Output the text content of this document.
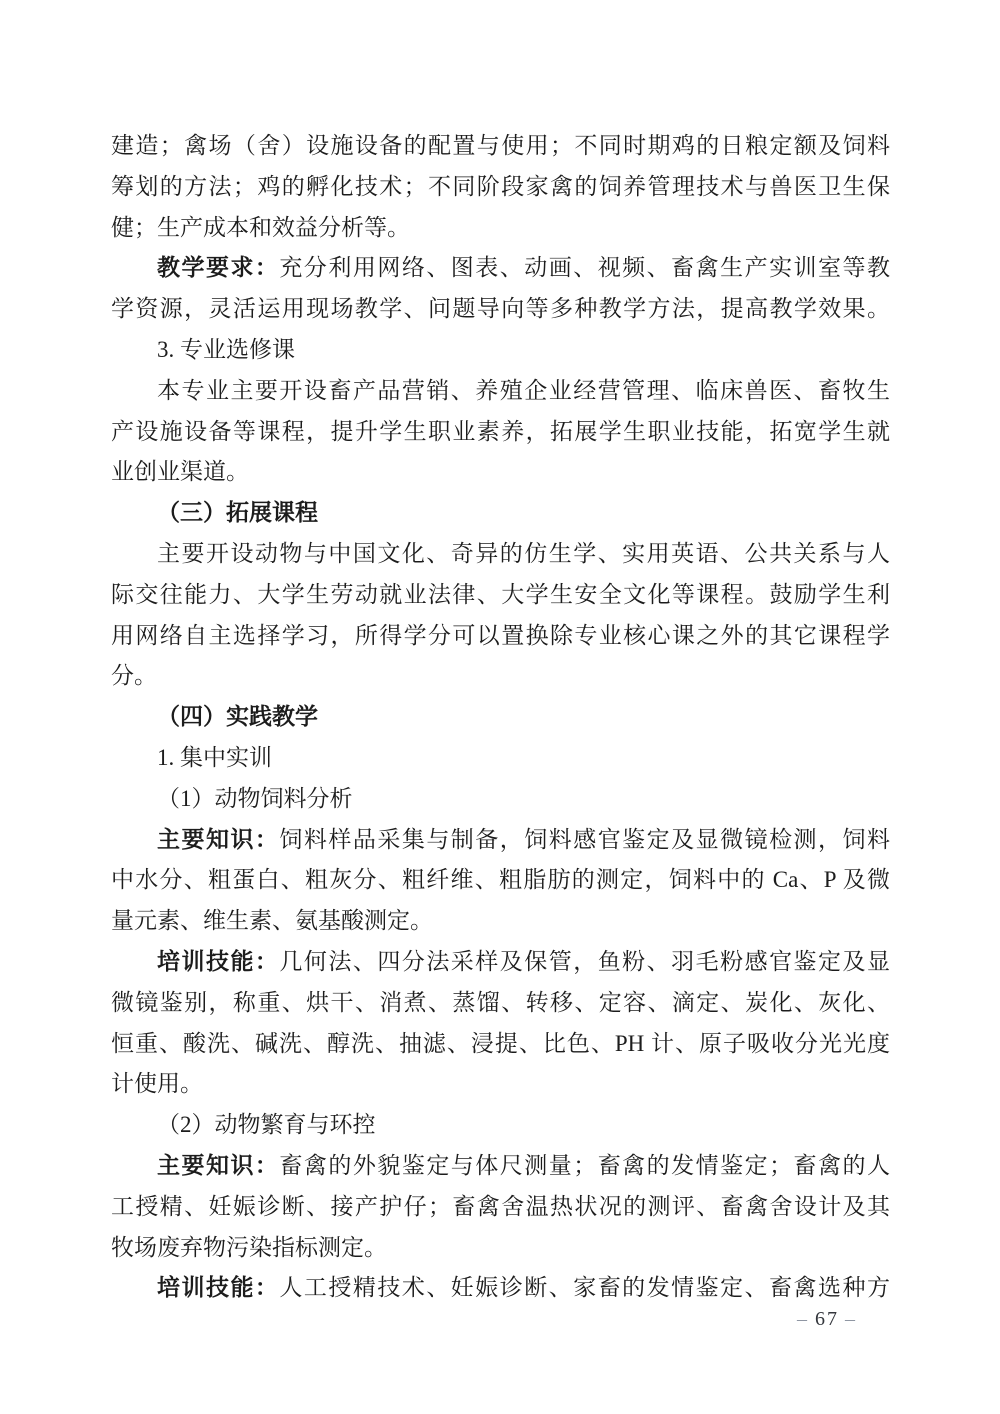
建造；禽场（舍）设施设备的配置与使用；不同时期鸡的日粮定额及饲料
筹划的方法；鸡的孵化技术；不同阶段家禽的饲养管理技术与兽医卫生保
健；生产成本和效益分析等。
教学要求：充分利用网络、图表、动画、视频、畜禽生产实训室等教
学资源，灵活运用现场教学、问题导向等多种教学方法，提高教学效果。
3. 专业选修课
本专业主要开设畜产品营销、养殖企业经营管理、临床兽医、畜牧生
产设施设备等课程，提升学生职业素养，拓展学生职业技能，拓宽学生就
业创业渠道。
（三）拓展课程
主要开设动物与中国文化、奇异的仿生学、实用英语、公共关系与人
际交往能力、大学生劳动就业法律、大学生安全文化等课程。鼓励学生利
用网络自主选择学习，所得学分可以置换除专业核心课之外的其它课程学
分。
（四）实践教学
1. 集中实训
（1）动物饲料分析
主要知识：饲料样品采集与制备，饲料感官鉴定及显微镜检测，饲料
中水分、粗蛋白、粗灰分、粗纤维、粗脂肪的测定，饲料中的 Ca、P 及微
量元素、维生素、氨基酸测定。
培训技能：几何法、四分法采样及保管，鱼粉、羽毛粉感官鉴定及显
微镜鉴别，称重、烘干、消煮、蒸馏、转移、定容、滴定、炭化、灰化、
恒重、酸洗、碱洗、醇洗、抽滤、浸提、比色、PH 计、原子吸收分光光度
计使用。
（2）动物繁育与环控
主要知识：畜禽的外貌鉴定与体尺测量；畜禽的发情鉴定；畜禽的人
工授精、妊娠诊断、接产护仔；畜禽舍温热状况的测评、畜禽舍设计及其
牧场废弃物污染指标测定。
培训技能：人工授精技术、妊娠诊断、家畜的发情鉴定、畜禽选种方
– 67 –
